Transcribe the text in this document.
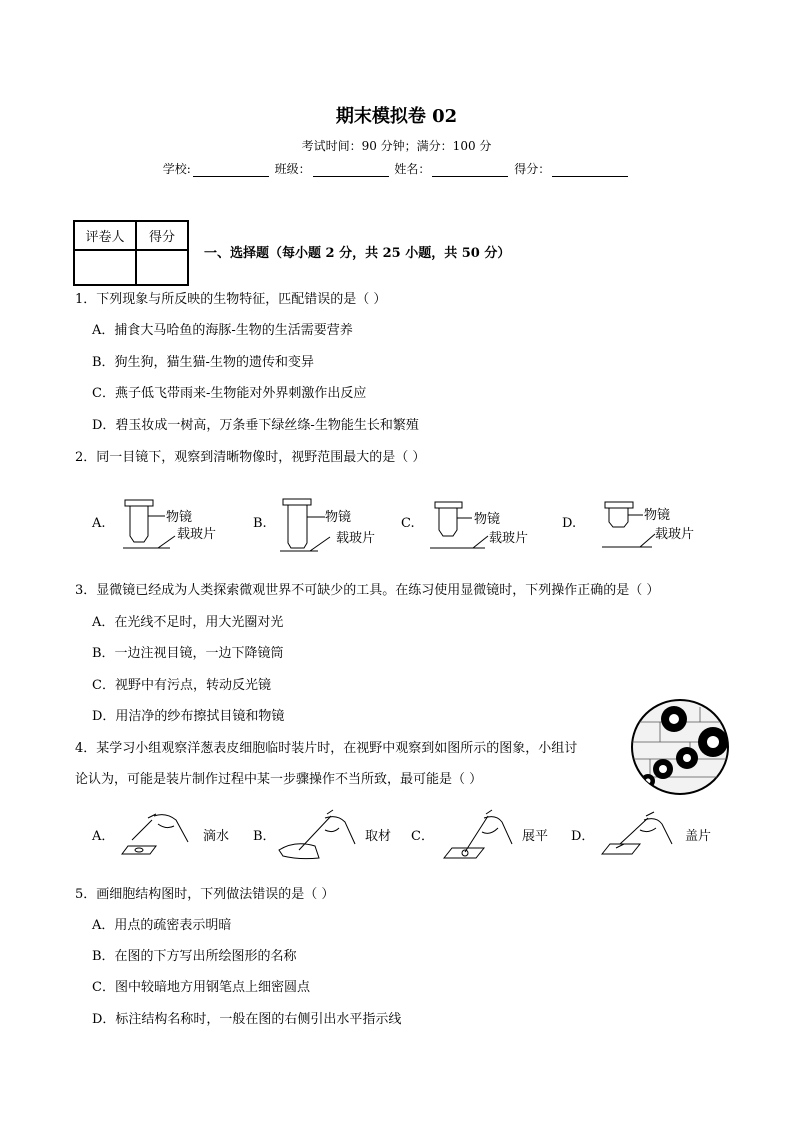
期末模拟卷 02
考试时间：90 分钟；满分：100 分
学校:	班级：	姓名：	得分：
评卷人	得分

一、选择题（每小题 2 分，共 25 小题，共 50 分）
1．下列现象与所反映的生物特征，匹配错误的是（ ）
A．捕食大马哈鱼的海豚-生物的生活需要营养
B．狗生狗，猫生猫-生物的遗传和变异
C．燕子低飞带雨来-生物能对外界刺激作出反应
D．碧玉妆成一树高，万条垂下绿丝绦-生物能生长和繁殖
2．同一目镜下，观察到清晰物像时，视野范围最大的是（ ）
A.	B.	C.	D.
物镜
载玻片
物镜
载玻片
物镜
载玻片
物镜
载玻片
3．显微镜已经成为人类探索微观世界不可缺少的工具。在练习使用显微镜时，下列操作正确的是（ ）
A．在光线不足时，用大光圈对光
B．一边注视目镜，一边下降镜筒
C．视野中有污点，转动反光镜
D．用洁净的纱布擦拭目镜和物镜
4．某学习小组观察洋葱表皮细胞临时装片时，在视野中观察到如图所示的图象，小组讨
论认为，可能是装片制作过程中某一步骤操作不当所致，最可能是（ ）
A．	滴水 B．	取材 C．	展平 D．	盖片
5．画细胞结构图时，下列做法错误的是（ ）
A．用点的疏密表示明暗
B．在图的下方写出所绘图形的名称
C．图中较暗地方用钢笔点上细密圆点
D．标注结构名称时，一般在图的右侧引出水平指示线
